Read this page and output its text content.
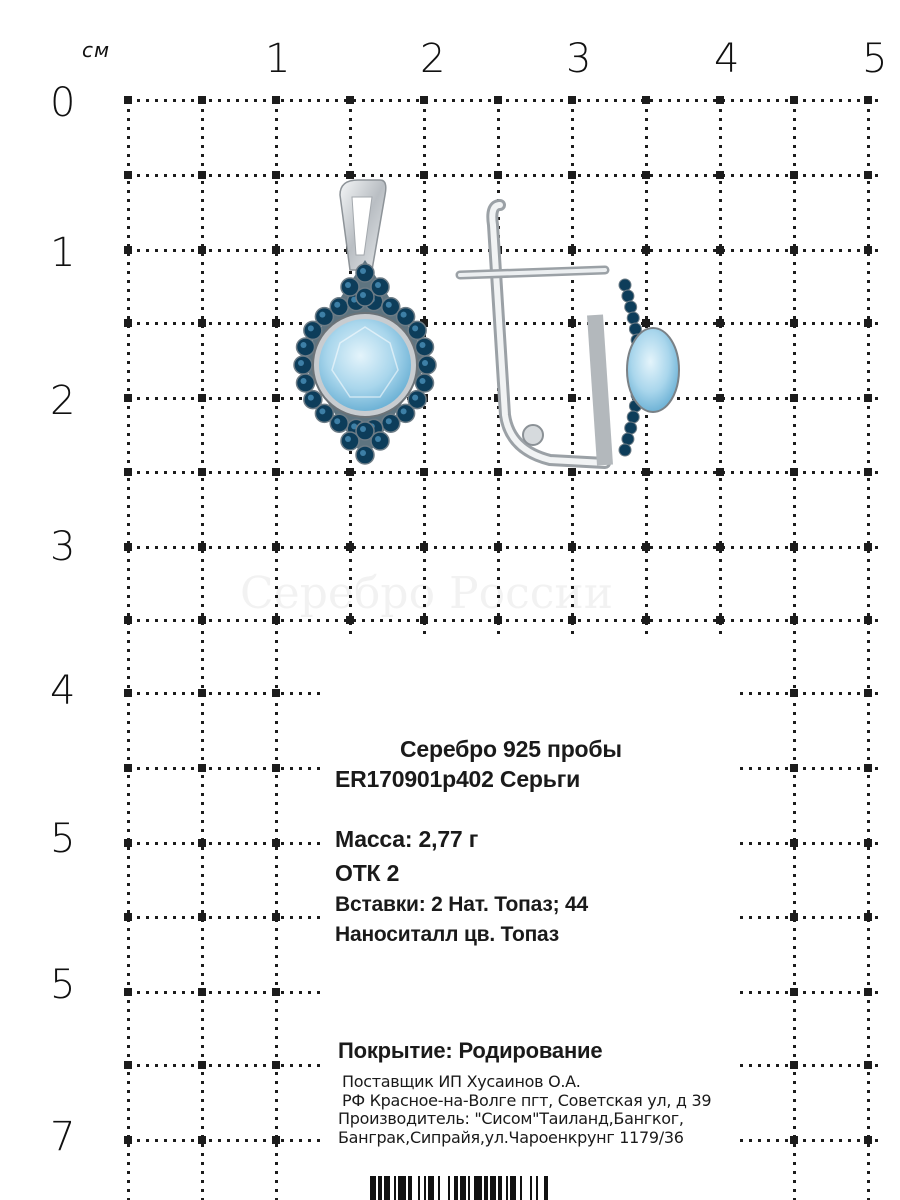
см	1	2	3	4	5
0
1
2
3
4
5
5
7
Серебро России
Серебро 925 пробы
ER170901p402 Серьги
Масса: 2,77 г
ОТК 2
Вставки: 2 Нат. Топаз; 44
Наноситалл цв. Топаз
Покрытие: Родирование
Поставщик ИП Хусаинов О.А.
РФ Красное-на-Волге пгт, Советская ул, д 39
Производитель: "Сисом"Таиланд,Бангког,
Банграк,Сипрайя,ул.Чароенкрунг 1179/36
